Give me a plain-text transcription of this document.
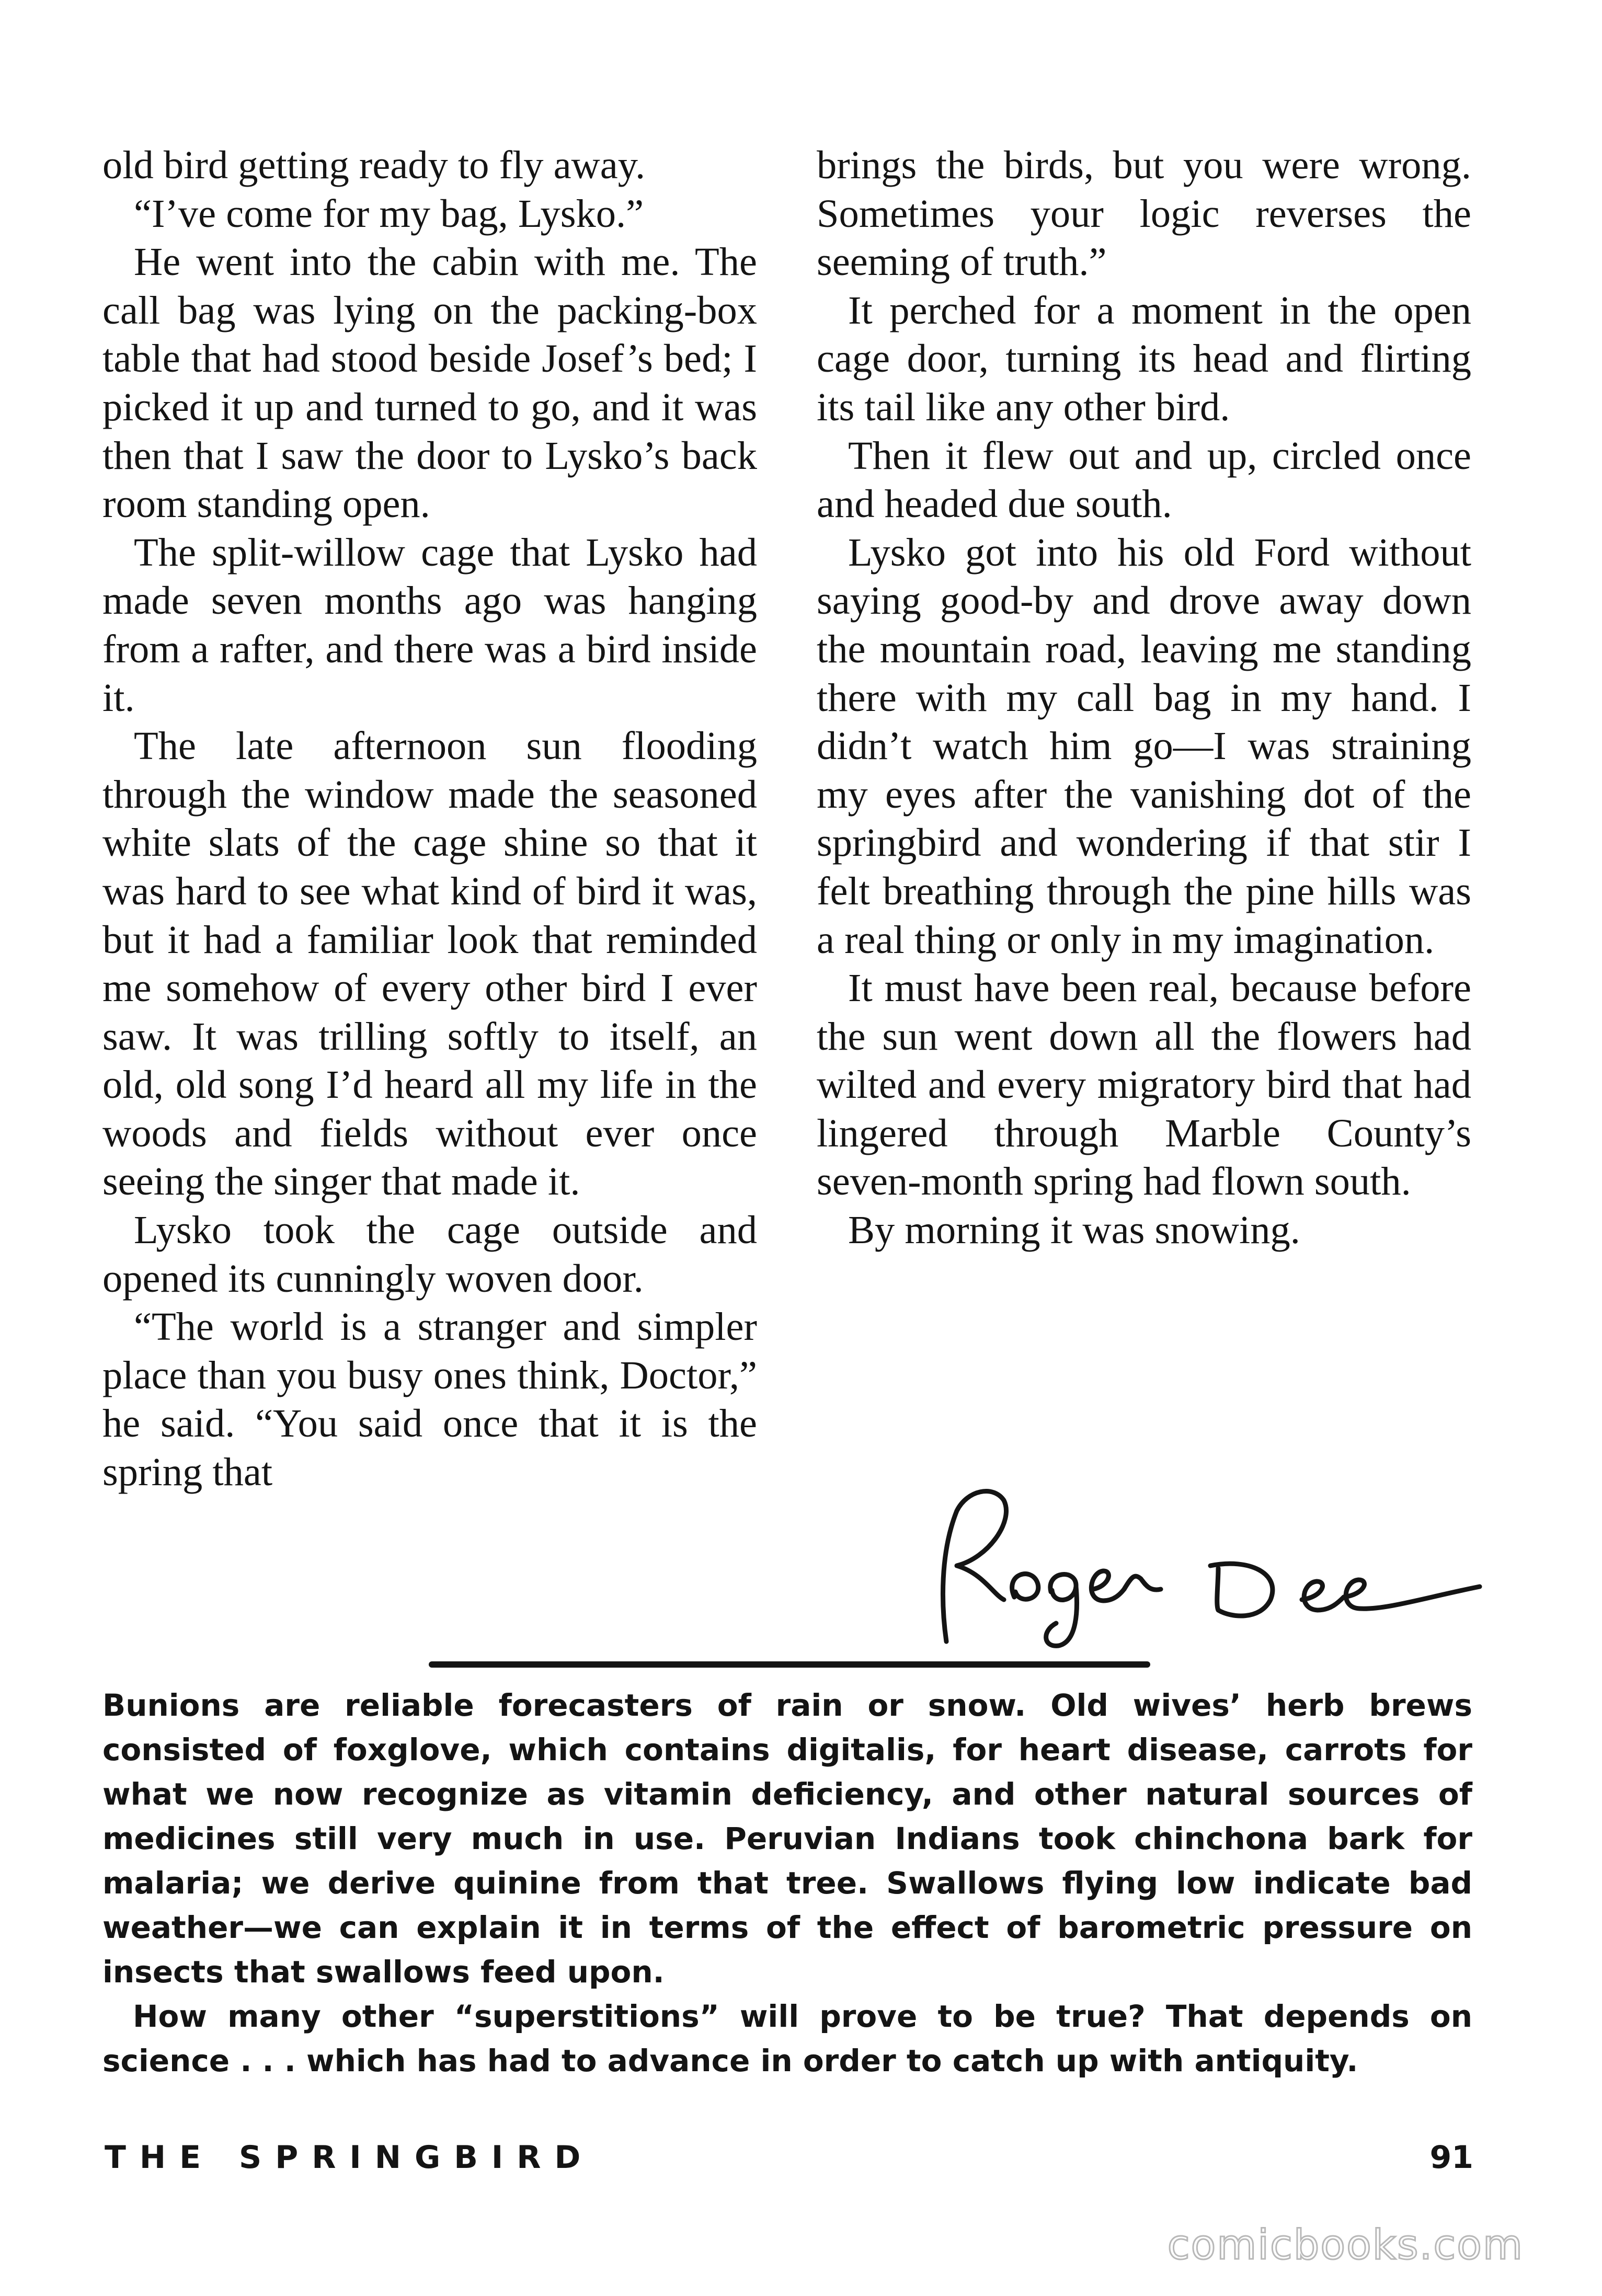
old bird getting ready to fly away.

“I’ve come for my bag, Lysko.”

He went into the cabin with me. The call bag was lying on the packing-box table that had stood beside Josef’s bed; I picked it up and turned to go, and it was then that I saw the door to Lysko’s back room standing open.

The split-willow cage that Lysko had made seven months ago was hanging from a rafter, and there was a bird inside it.

The late afternoon sun flooding through the window made the seasoned white slats of the cage shine so that it was hard to see what kind of bird it was, but it had a familiar look that reminded me somehow of every other bird I ever saw. It was trilling softly to itself, an old, old song I’d heard all my life in the woods and fields without ever once seeing the singer that made it.

Lysko took the cage outside and opened its cunningly woven door.

“The world is a stranger and simpler place than you busy ones think, Doctor,” he said. “You said once that it is the spring that

brings the birds, but you were wrong. Sometimes your logic reverses the seeming of truth.”

It perched for a moment in the open cage door, turning its head and flirting its tail like any other bird.

Then it flew out and up, circled once and headed due south.

Lysko got into his old Ford without saying good-by and drove away down the mountain road, leaving me standing there with my call bag in my hand. I didn’t watch him go—I was straining my eyes after the vanishing dot of the springbird and wondering if that stir I felt breathing through the pine hills was a real thing or only in my imagination.

It must have been real, because before the sun went down all the flowers had wilted and every migratory bird that had lingered through Marble County’s seven-month spring had flown south.

By morning it was snowing.

Bunions are reliable forecasters of rain or snow. Old wives’ herb brews consisted of foxglove, which contains digitalis, for heart disease, carrots for what we now recognize as vitamin deficiency, and other natural sources of medicines still very much in use. Peruvian Indians took chinchona bark for malaria; we derive quinine from that tree. Swallows flying low indicate bad weather—we can explain it in terms of the effect of barometric pressure on insects that swallows feed upon.

How many other “superstitions” will prove to be true? That depends on science . . . which has had to advance in order to catch up with antiquity.

THE SPRINGBIRD	91
comicbooks.com
